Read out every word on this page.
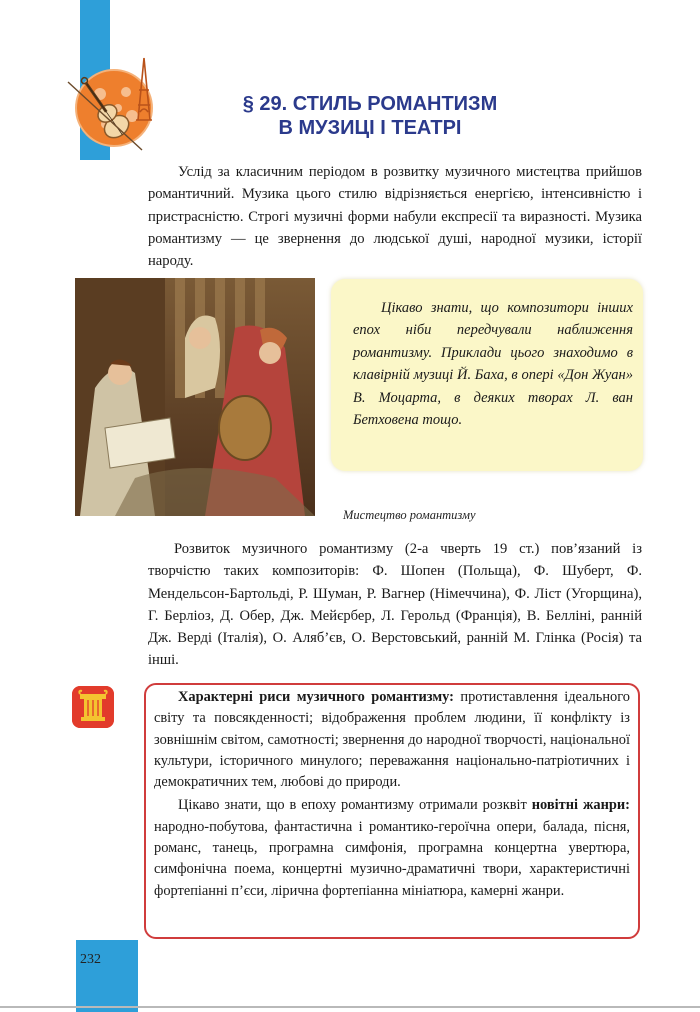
§ 29. СТИЛЬ РОМАНТИЗМ
В МУЗИЦІ І ТЕАТРІ

Услід за класичним періодом в розвитку музичного мистецтва прийшов романтичний. Музика цього стилю відрізняється енергією, інтенсивністю і пристрасністю. Строгі музичні форми набули експресії та виразності. Музика романтизму — це звернення до людської душі, народної музики, історії народу.

Цікаво знати, що композитори інших епох ніби передчували наближення романтизму. Приклади цього знаходимо в клавірній музиці Й. Баха, в опері «Дон Жуан» В. Моцарта, в деяких творах Л. ван Бетховена тощо.
Мистецтво романтизму

Розвиток музичного романтизму (2-а чверть 19 ст.) пов’язаний із творчістю таких композиторів: Ф. Шопен (Польща), Ф. Шуберт, Ф. Мендельсон-Бартольді, Р. Шуман, Р. Вагнер (Німеччина), Ф. Ліст (Угорщина), Г. Берліоз, Д. Обер, Дж. Мейєрбер, Л. Герольд (Франція), В. Белліні, ранній Дж. Верді (Італія), О. Аляб’єв, О. Верстовський, ранній М. Глінка (Росія) та інші.

Характерні риси музичного романтизму: протиставлення ідеального світу та повсякденності; відображення проблем людини, її конфлікту із зовнішнім світом, самотності; звернення до народної творчості, національної культури, історичного минулого; переважання національно-патріотичних і демократичних тем, любові до природи.

Цікаво знати, що в епоху романтизму отримали розквіт новітні жанри: народно-побутова, фантастична і романтико-героїчна опери, балада, пісня, романс, танець, програмна симфонія, програмна концертна увертюра, симфонічна поема, концертні музично-драматичні твори, характеристичні фортепіанні п’єси, лірична фортепіанна мініатюра, камерні жанри.

232
